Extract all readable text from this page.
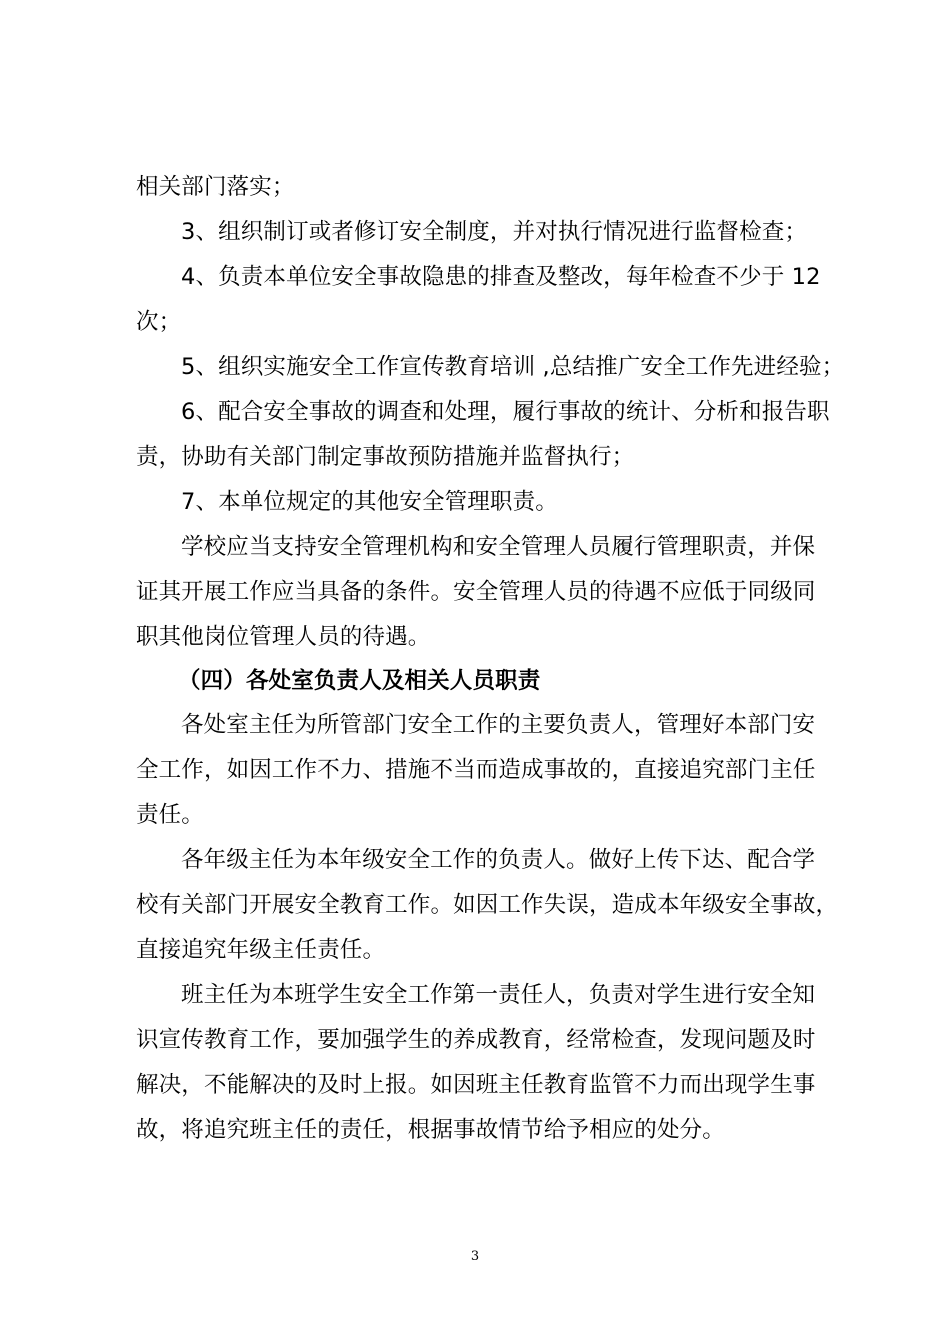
相关部门落实；
3、组织制订或者修订安全制度，并对执行情况进行监督检查；
4、负责本单位安全事故隐患的排查及整改，每年检查不少于 12
次；
5、组织实施安全工作宣传教育培训 ,总结推广安全工作先进经验；
6、配合安全事故的调查和处理，履行事故的统计、分析和报告职
责，协助有关部门制定事故预防措施并监督执行；
7、本单位规定的其他安全管理职责。
学校应当支持安全管理机构和安全管理人员履行管理职责，并保
证其开展工作应当具备的条件。安全管理人员的待遇不应低于同级同
职其他岗位管理人员的待遇。
（四）各处室负责人及相关人员职责
各处室主任为所管部门安全工作的主要负责人，管理好本部门安
全工作，如因工作不力、措施不当而造成事故的，直接追究部门主任
责任。
各年级主任为本年级安全工作的负责人。做好上传下达、配合学
校有关部门开展安全教育工作。如因工作失误，造成本年级安全事故，
直接追究年级主任责任。
班主任为本班学生安全工作第一责任人，负责对学生进行安全知
识宣传教育工作，要加强学生的养成教育，经常检查，发现问题及时
解决，不能解决的及时上报。如因班主任教育监管不力而出现学生事
故，将追究班主任的责任，根据事故情节给予相应的处分。
3
